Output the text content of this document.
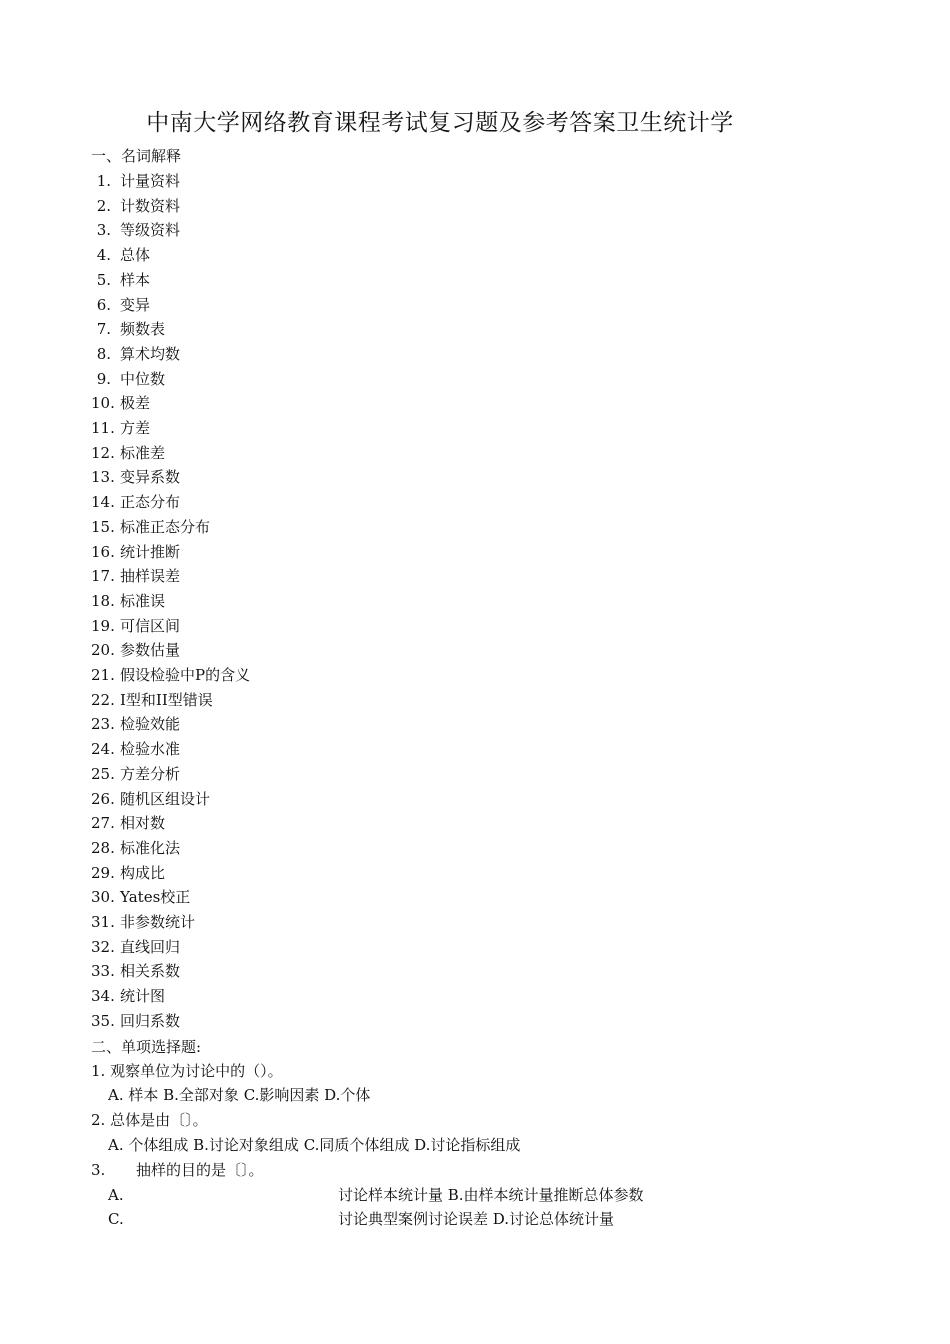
中南大学网络教育课程考试复习题及参考答案卫生统计学
一、名词解释
1. 计量资料
2. 计数资料
3. 等级资料
4. 总体
5. 样本
6. 变异
7. 频数表
8. 算术均数
9. 中位数
10. 极差
11. 方差
12. 标准差
13. 变异系数
14. 正态分布
15. 标准正态分布
16. 统计推断
17. 抽样误差
18. 标准误
19. 可信区间
20. 参数估量
21. 假设检验中P的含义
22. I型和II型错误
23. 检验效能
24. 检验水准
25. 方差分析
26. 随机区组设计
27. 相对数
28. 标准化法
29. 构成比
30. Yates校正
31. 非参数统计
32. 直线回归
33. 相关系数
34. 统计图
35. 回归系数
二、单项选择题:
1. 观察单位为讨论中的（）。
A. 样本 B.全部对象 C.影响因素 D.个体
2. 总体是由〔〕。
A. 个体组成 B.讨论对象组成 C.同质个体组成 D.讨论指标组成
3. 抽样的目的是〔〕。
A.	讨论样本统计量 B.由样本统计量推断总体参数
C.	讨论典型案例讨论误差 D.讨论总体统计量
